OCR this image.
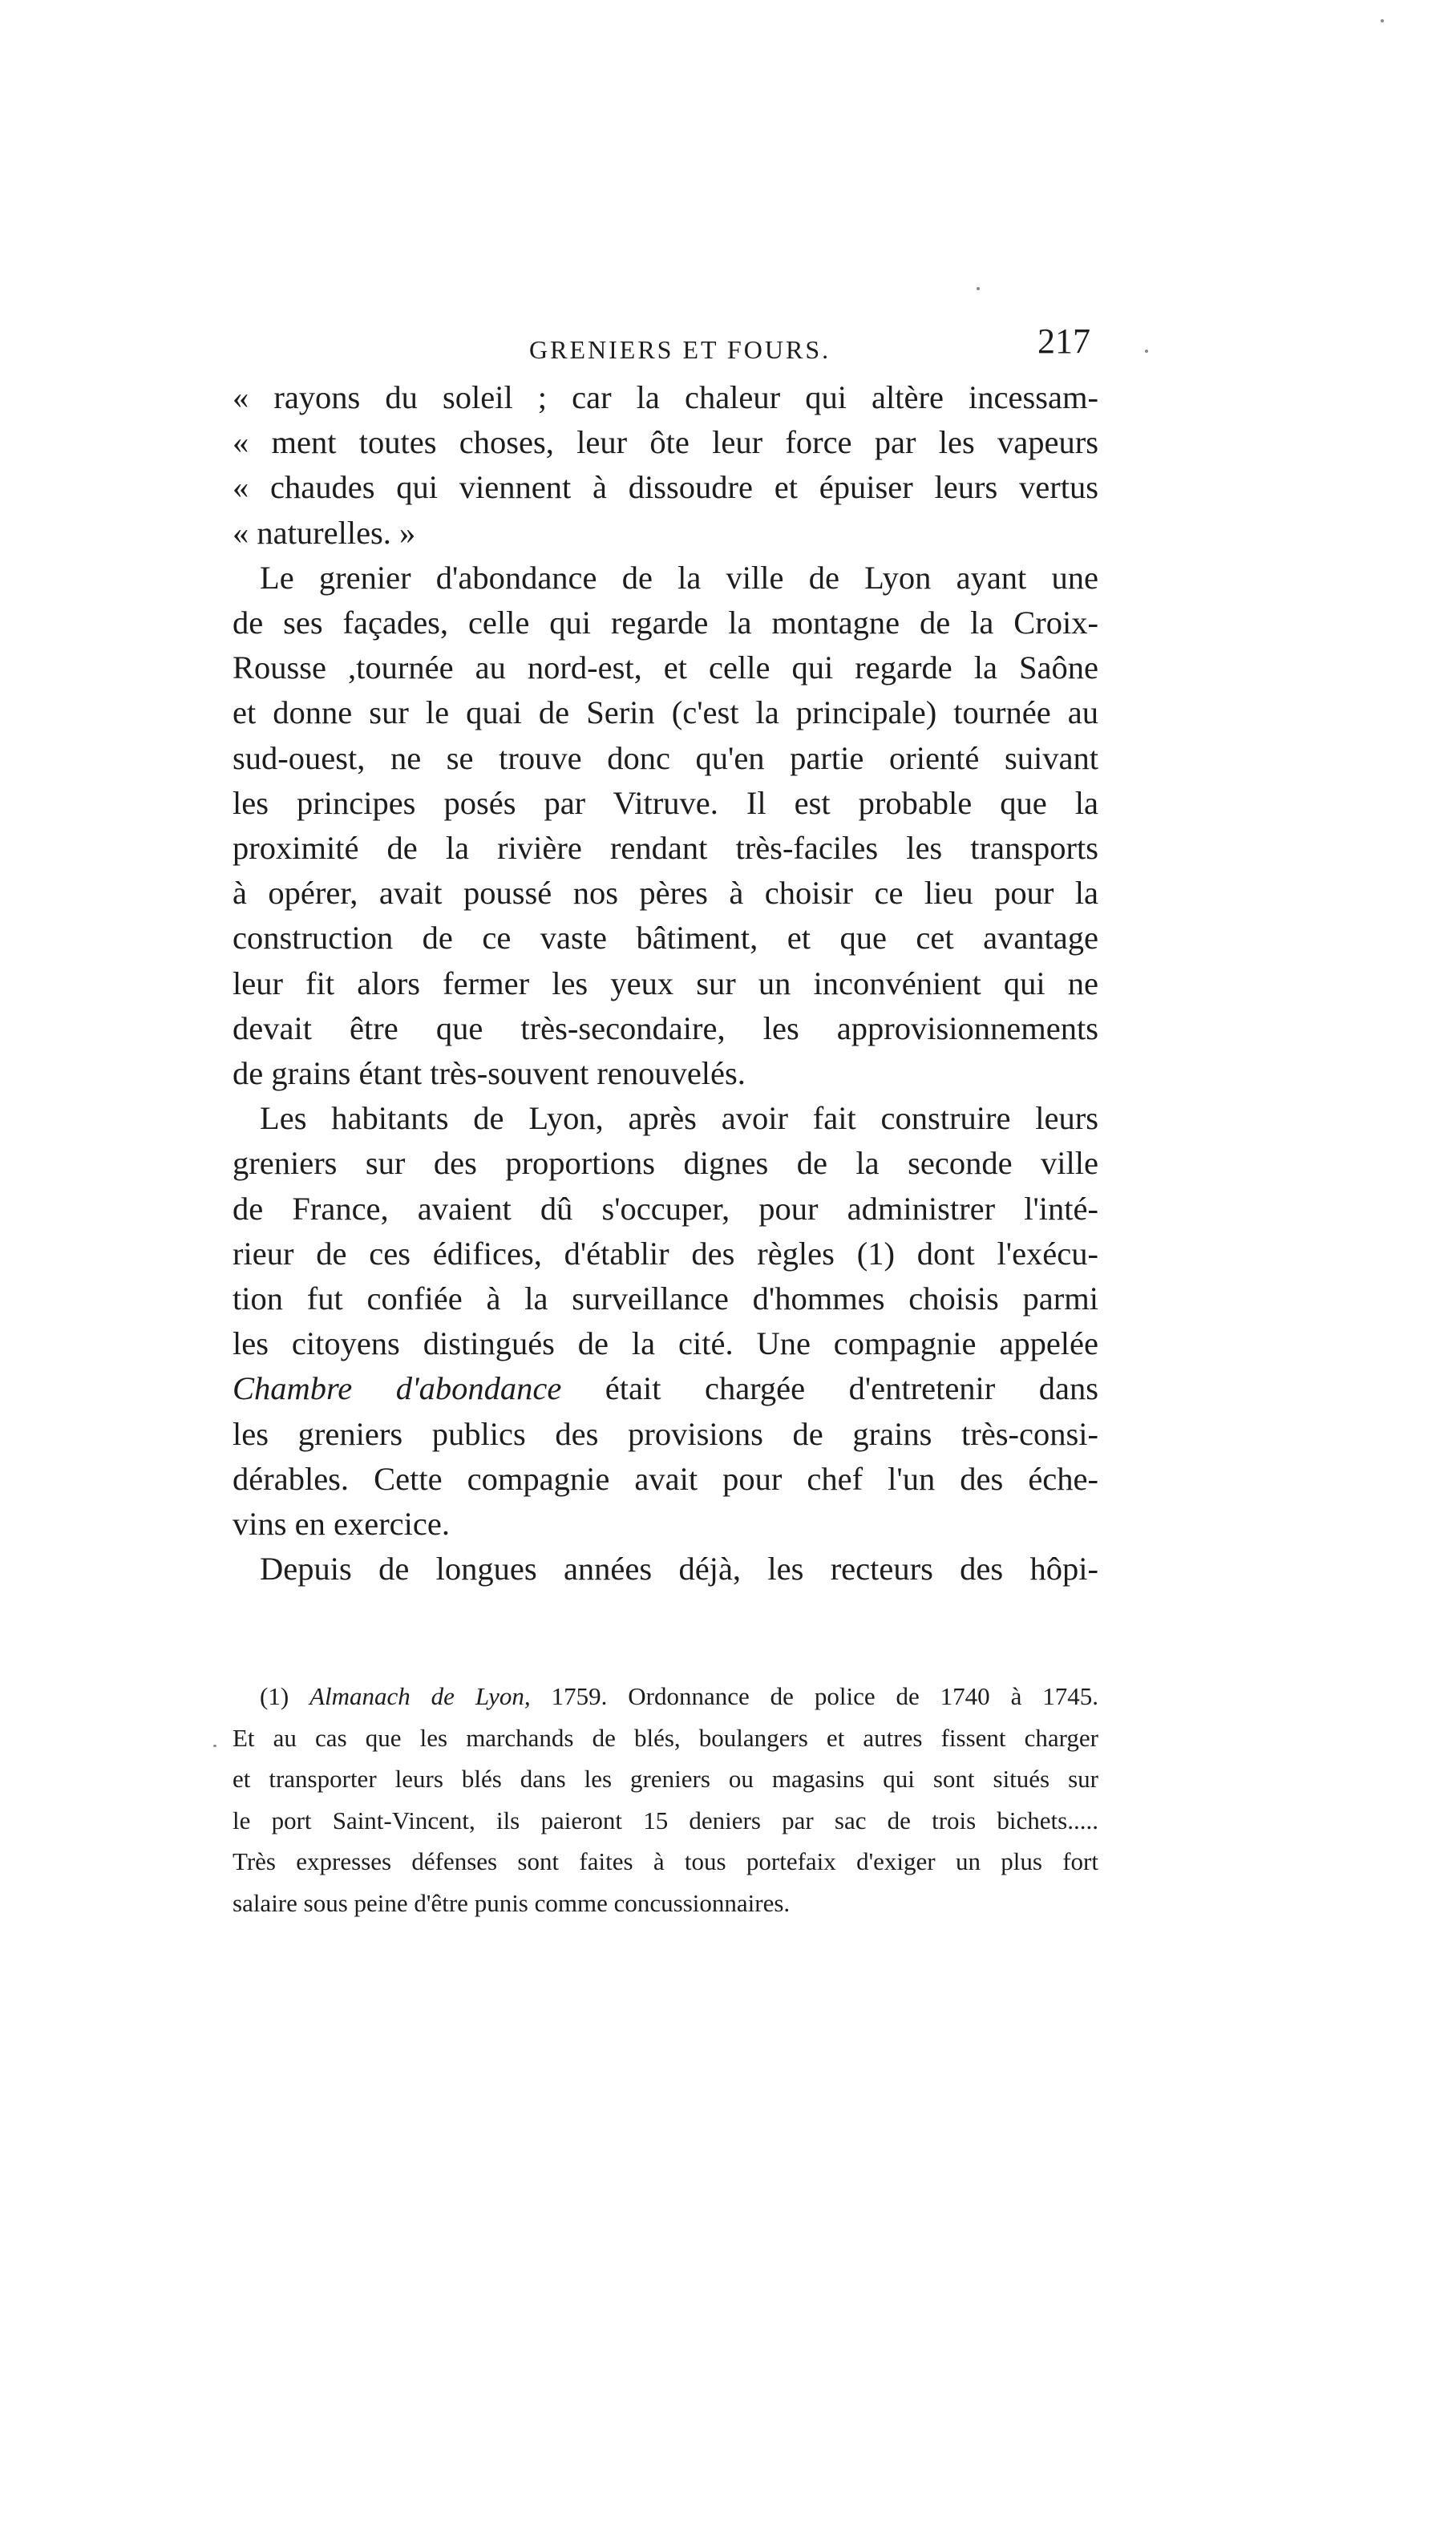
GRENIERS ET FOURS.	217
« rayons du soleil ; car la chaleur qui altère incessam-
« ment toutes choses, leur ôte leur force par les vapeurs
« chaudes qui viennent à dissoudre et épuiser leurs vertus
« naturelles. »
Le grenier d'abondance de la ville de Lyon ayant une
de ses façades, celle qui regarde la montagne de la Croix-
Rousse ,tournée au nord-est, et celle qui regarde la Saône
et donne sur le quai de Serin (c'est la principale) tournée au
sud-ouest, ne se trouve donc qu'en partie orienté suivant
les principes posés par Vitruve. Il est probable que la
proximité de la rivière rendant très-faciles les transports
à opérer, avait poussé nos pères à choisir ce lieu pour la
construction de ce vaste bâtiment, et que cet avantage
leur fit alors fermer les yeux sur un inconvénient qui ne
devait être que très-secondaire, les approvisionnements
de grains étant très-souvent renouvelés.
Les habitants de Lyon, après avoir fait construire leurs
greniers sur des proportions dignes de la seconde ville
de France, avaient dû s'occuper, pour administrer l'inté-
rieur de ces édifices, d'établir des règles (1) dont l'exécu-
tion fut confiée à la surveillance d'hommes choisis parmi
les citoyens distingués de la cité. Une compagnie appelée
Chambre d'abondance était chargée d'entretenir dans
les greniers publics des provisions de grains très-consi-
dérables. Cette compagnie avait pour chef l'un des éche-
vins en exercice.
Depuis de longues années déjà, les recteurs des hôpi-
(1) Almanach de Lyon, 1759. Ordonnance de police de 1740 à 1745.
Et au cas que les marchands de blés, boulangers et autres fissent charger
et transporter leurs blés dans les greniers ou magasins qui sont situés sur
le port Saint-Vincent, ils paieront 15 deniers par sac de trois bichets.....
Très expresses défenses sont faites à tous portefaix d'exiger un plus fort
salaire sous peine d'être punis comme concussionnaires.
